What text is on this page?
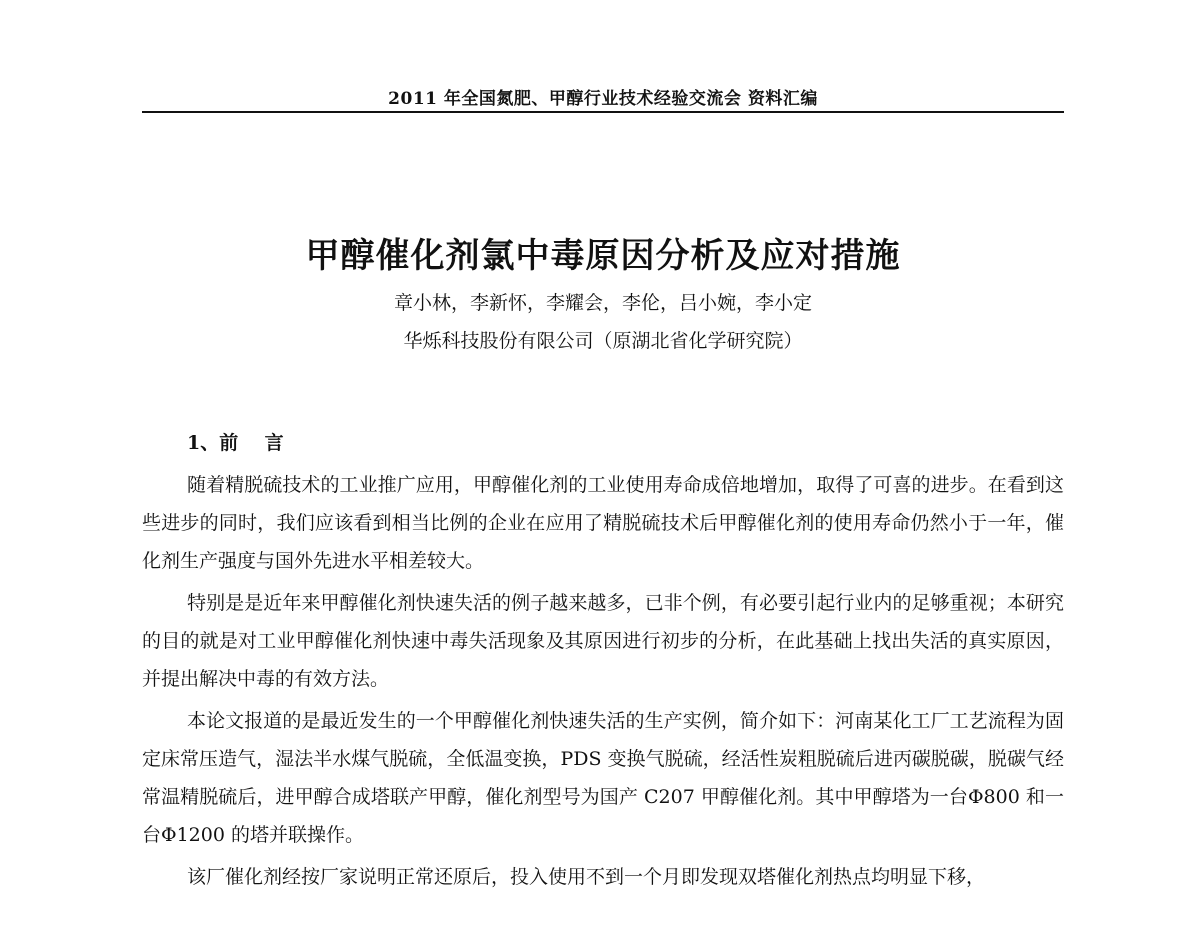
2011 年全国氮肥、甲醇行业技术经验交流会 资料汇编
甲醇催化剂氯中毒原因分析及应对措施
章小林，李新怀，李耀会，李伦，吕小婉，李小定
华烁科技股份有限公司（原湖北省化学研究院）
1、前    言

随着精脱硫技术的工业推广应用，甲醇催化剂的工业使用寿命成倍地增加，取得了可喜的进步。在看到这些进步的同时，我们应该看到相当比例的企业在应用了精脱硫技术后甲醇催化剂的使用寿命仍然小于一年，催化剂生产强度与国外先进水平相差较大。

特别是是近年来甲醇催化剂快速失活的例子越来越多，已非个例，有必要引起行业内的足够重视；本研究的目的就是对工业甲醇催化剂快速中毒失活现象及其原因进行初步的分析，在此基础上找出失活的真实原因，并提出解决中毒的有效方法。

本论文报道的是最近发生的一个甲醇催化剂快速失活的生产实例，简介如下：河南某化工厂工艺流程为固定床常压造气，湿法半水煤气脱硫，全低温变换，PDS 变换气脱硫，经活性炭粗脱硫后进丙碳脱碳，脱碳气经常温精脱硫后，进甲醇合成塔联产甲醇，催化剂型号为国产 C207 甲醇催化剂。其中甲醇塔为一台Φ800 和一台Φ1200 的塔并联操作。

该厂催化剂经按厂家说明正常还原后，投入使用不到一个月即发现双塔催化剂热点均明显下移，
